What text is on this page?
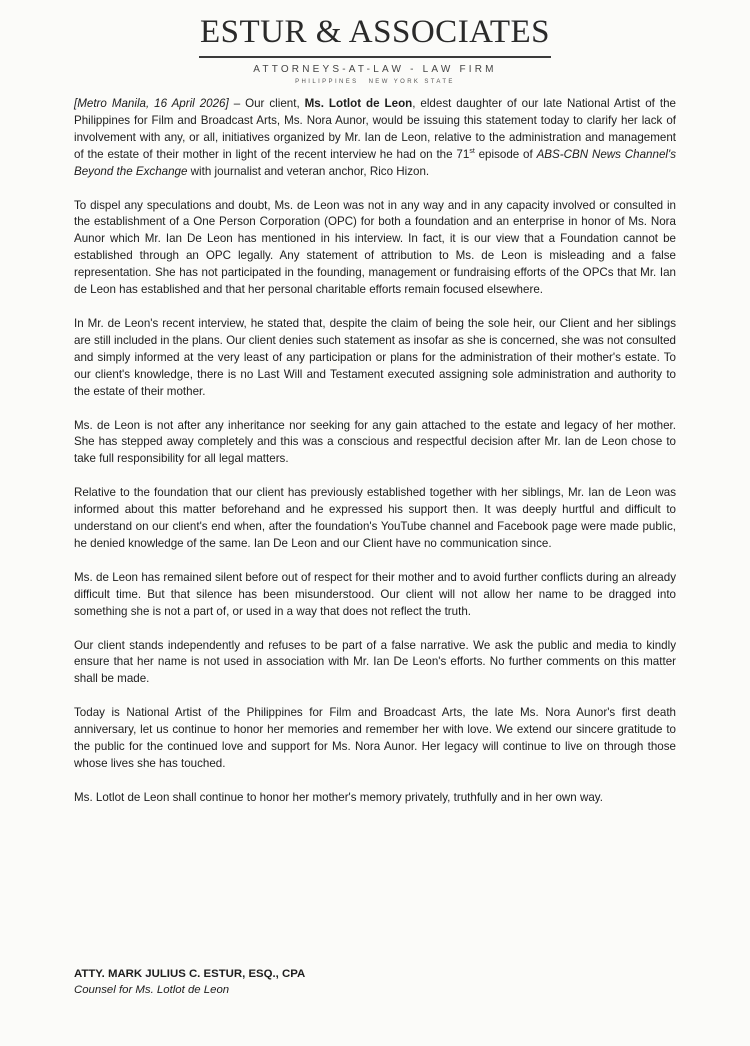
ESTUR & ASSOCIATES
ATTORNEYS-AT-LAW - LAW FIRM
PHILIPPINES NEW YORK STATE

[Metro Manila, 16 April 2026] – Our client, Ms. Lotlot de Leon, eldest daughter of our late National Artist of the Philippines for Film and Broadcast Arts, Ms. Nora Aunor, would be issuing this statement today to clarify her lack of involvement with any, or all, initiatives organized by Mr. Ian de Leon, relative to the administration and management of the estate of their mother in light of the recent interview he had on the 71st episode of ABS-CBN News Channel's Beyond the Exchange with journalist and veteran anchor, Rico Hizon.

To dispel any speculations and doubt, Ms. de Leon was not in any way and in any capacity involved or consulted in the establishment of a One Person Corporation (OPC) for both a foundation and an enterprise in honor of Ms. Nora Aunor which Mr. Ian De Leon has mentioned in his interview. In fact, it is our view that a Foundation cannot be established through an OPC legally. Any statement of attribution to Ms. de Leon is misleading and a false representation. She has not participated in the founding, management or fundraising efforts of the OPCs that Mr. Ian de Leon has established and that her personal charitable efforts remain focused elsewhere.

In Mr. de Leon's recent interview, he stated that, despite the claim of being the sole heir, our Client and her siblings are still included in the plans. Our client denies such statement as insofar as she is concerned, she was not consulted and simply informed at the very least of any participation or plans for the administration of their mother's estate. To our client's knowledge, there is no Last Will and Testament executed assigning sole administration and authority to the estate of their mother.

Ms. de Leon is not after any inheritance nor seeking for any gain attached to the estate and legacy of her mother. She has stepped away completely and this was a conscious and respectful decision after Mr. Ian de Leon chose to take full responsibility for all legal matters.

Relative to the foundation that our client has previously established together with her siblings, Mr. Ian de Leon was informed about this matter beforehand and he expressed his support then. It was deeply hurtful and difficult to understand on our client's end when, after the foundation's YouTube channel and Facebook page were made public, he denied knowledge of the same. Ian De Leon and our Client have no communication since.

Ms. de Leon has remained silent before out of respect for their mother and to avoid further conflicts during an already difficult time. But that silence has been misunderstood. Our client will not allow her name to be dragged into something she is not a part of, or used in a way that does not reflect the truth.

Our client stands independently and refuses to be part of a false narrative. We ask the public and media to kindly ensure that her name is not used in association with Mr. Ian De Leon's efforts. No further comments on this matter shall be made.

Today is National Artist of the Philippines for Film and Broadcast Arts, the late Ms. Nora Aunor's first death anniversary, let us continue to honor her memories and remember her with love. We extend our sincere gratitude to the public for the continued love and support for Ms. Nora Aunor. Her legacy will continue to live on through those whose lives she has touched.

Ms. Lotlot de Leon shall continue to honor her mother's memory privately, truthfully and in her own way.

ATTY. MARK JULIUS C. ESTUR, ESQ., CPA
Counsel for Ms. Lotlot de Leon
